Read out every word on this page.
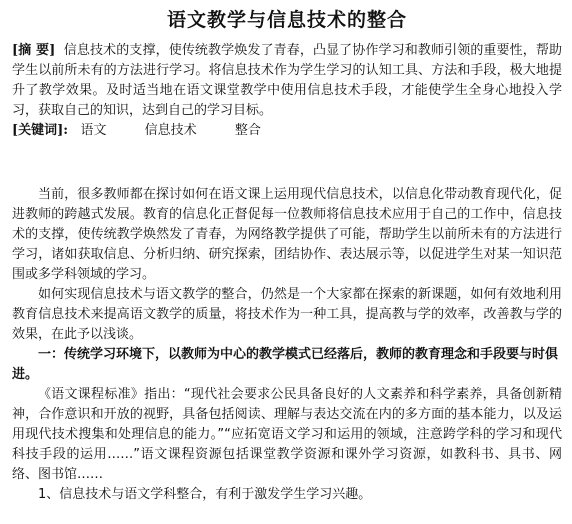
语文教学与信息技术的整合

[摘 要] 信息技术的支撑，使传统教学焕发了青春，凸显了协作学习和教师引领的重要性，帮助学生以前所未有的方法进行学习。将信息技术作为学生学习的认知工具、方法和手段，极大地提升了教学效果。及时适当地在语文课堂教学中使用信息技术手段，才能使学生全身心地投入学习，获取自己的知识，达到自己的学习目标。

[关键词]: 语文	信息技术	整合

当前，很多教师都在探讨如何在语文课上运用现代信息技术，以信息化带动教育现代化，促进教师的跨越式发展。教育的信息化正督促每一位教师将信息技术应用于自己的工作中，信息技术的支撑，使传统教学焕然发了青春，为网络教学提供了可能，帮助学生以前所未有的方法进行学习，诸如获取信息、分析归纳、研究探索，团结协作、表达展示等，以促进学生对某一知识范围或多学科领域的学习。

如何实现信息技术与语文教学的整合，仍然是一个大家都在探索的新课题，如何有效地利用教育信息技术来提高语文教学的质量，将技术作为一种工具，提高教与学的效率，改善教与学的效果，在此予以浅谈。

一：传统学习环境下，以教师为中心的教学模式已经落后，教师的教育理念和手段要与时俱进。

《语文课程标准》指出：“现代社会要求公民具备良好的人文素养和科学素养，具备创新精神，合作意识和开放的视野，具备包括阅读、理解与表达交流在内的多方面的基本能力，以及运用现代技术搜集和处理信息的能力。”“应拓宽语文学习和运用的领域，注意跨学科的学习和现代科技手段的运用……”语文课程资源包括课堂教学资源和课外学习资源，如教科书、具书、网络、图书馆……

1、信息技术与语文学科整合，有利于激发学生学习兴趣。
